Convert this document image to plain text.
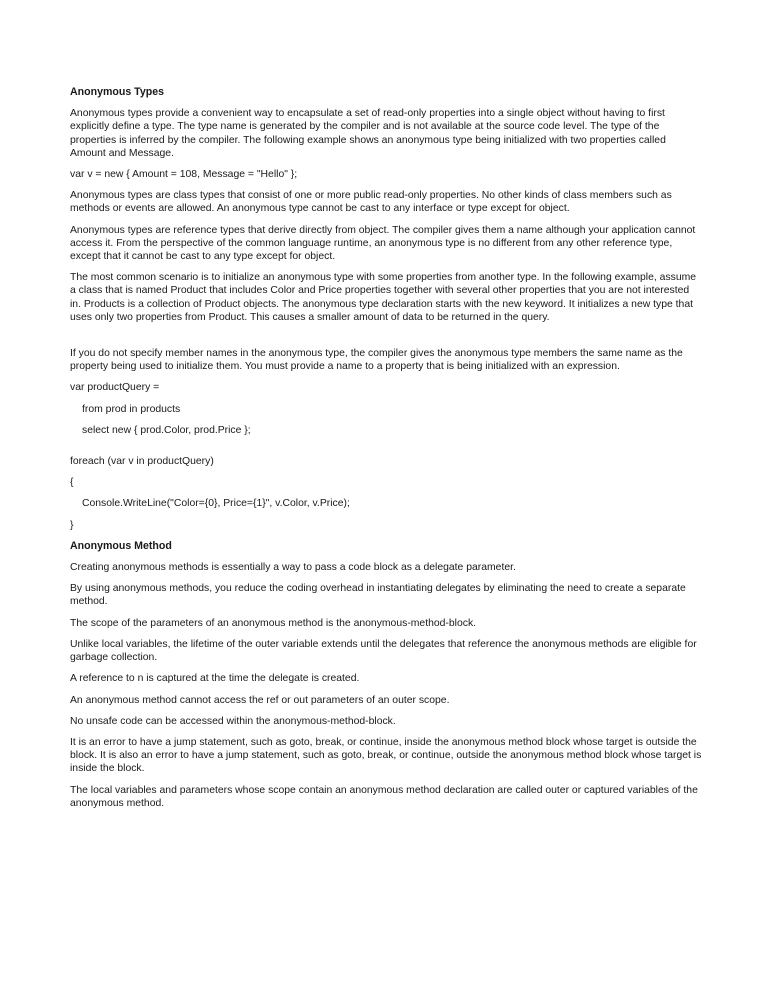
Anonymous Types
Anonymous types provide a convenient way to encapsulate a set of read-only properties into a single object without having to first explicitly define a type. The type name is generated by the compiler and is not available at the source code level. The type of the properties is inferred by the compiler. The following example shows an anonymous type being initialized with two properties called Amount and Message.
var v = new { Amount = 108, Message = "Hello" };
Anonymous types are class types that consist of one or more public read-only properties. No other kinds of class members such as methods or events are allowed. An anonymous type cannot be cast to any interface or type except for object.
Anonymous types are reference types that derive directly from object. The compiler gives them a name although your application cannot access it. From the perspective of the common language runtime, an anonymous type is no different from any other reference type, except that it cannot be cast to any type except for object.
The most common scenario is to initialize an anonymous type with some properties from another type. In the following example, assume a class that is named Product that includes Color and Price properties together with several other properties that you are not interested in. Products is a collection of Product objects. The anonymous type declaration starts with the new keyword. It initializes a new type that uses only two properties from Product. This causes a smaller amount of data to be returned in the query.
If you do not specify member names in the anonymous type, the compiler gives the anonymous type members the same name as the property being used to initialize them. You must provide a name to a property that is being initialized with an expression.
var productQuery =
from prod in products
select new { prod.Color, prod.Price };
foreach (var v in productQuery)
{
Console.WriteLine("Color={0}, Price={1}", v.Color, v.Price);
}
Anonymous Method
Creating anonymous methods is essentially a way to pass a code block as a delegate parameter.
By using anonymous methods, you reduce the coding overhead in instantiating delegates by eliminating the need to create a separate method.
The scope of the parameters of an anonymous method is the anonymous-method-block.
Unlike local variables, the lifetime of the outer variable extends until the delegates that reference the anonymous methods are eligible for garbage collection.
A reference to n is captured at the time the delegate is created.
An anonymous method cannot access the ref or out parameters of an outer scope.
No unsafe code can be accessed within the anonymous-method-block.
It is an error to have a jump statement, such as goto, break, or continue, inside the anonymous method block whose target is outside the block. It is also an error to have a jump statement, such as goto, break, or continue, outside the anonymous method block whose target is inside the block.
The local variables and parameters whose scope contain an anonymous method declaration are called outer or captured variables of the anonymous method.
